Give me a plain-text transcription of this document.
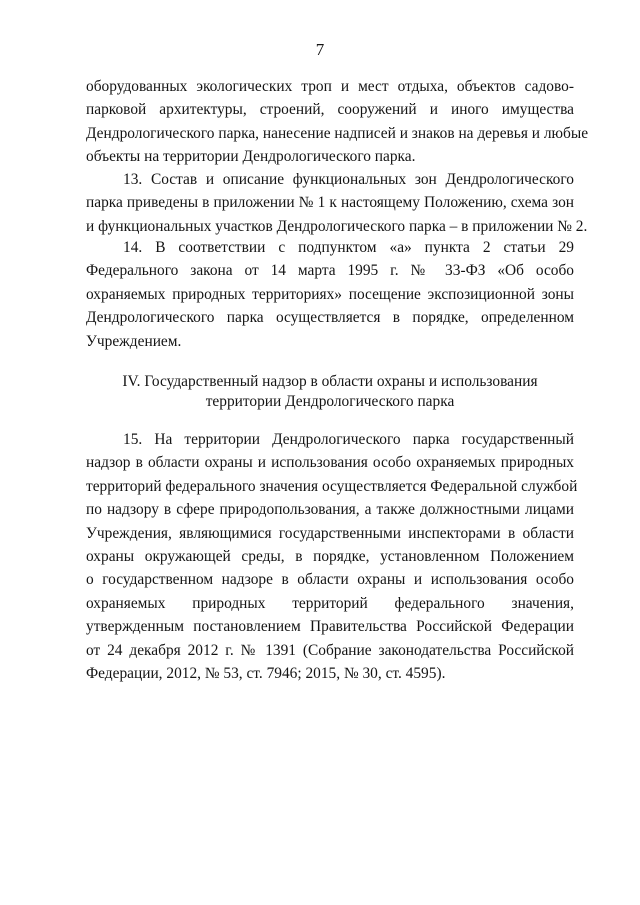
7
оборудованных экологических троп и мест отдыха, объектов садово-
парковой архитектуры, строений, сооружений и иного имущества
Дендрологического парка, нанесение надписей и знаков на деревья и любые
объекты на территории Дендрологического парка.
13. Состав и описание функциональных зон Дендрологического
парка приведены в приложении № 1 к настоящему Положению, схема зон
и функциональных участков Дендрологического парка – в приложении № 2.
14. В соответствии с подпунктом «а» пункта 2 статьи 29
Федерального закона от 14 марта 1995 г. № 33-ФЗ «Об особо
охраняемых природных территориях» посещение экспозиционной зоны
Дендрологического парка осуществляется в порядке, определенном
Учреждением.
IV. Государственный надзор в области охраны и использования
территории Дендрологического парка
15. На территории Дендрологического парка государственный
надзор в области охраны и использования особо охраняемых природных
территорий федерального значения осуществляется Федеральной службой
по надзору в сфере природопользования, а также должностными лицами
Учреждения, являющимися государственными инспекторами в области
охраны окружающей среды, в порядке, установленном Положением
о государственном надзоре в области охраны и использования особо
охраняемых природных территорий федерального значения,
утвержденным постановлением Правительства Российской Федерации
от 24 декабря 2012 г. № 1391 (Собрание законодательства Российской
Федерации, 2012, № 53, ст. 7946; 2015, № 30, ст. 4595).
